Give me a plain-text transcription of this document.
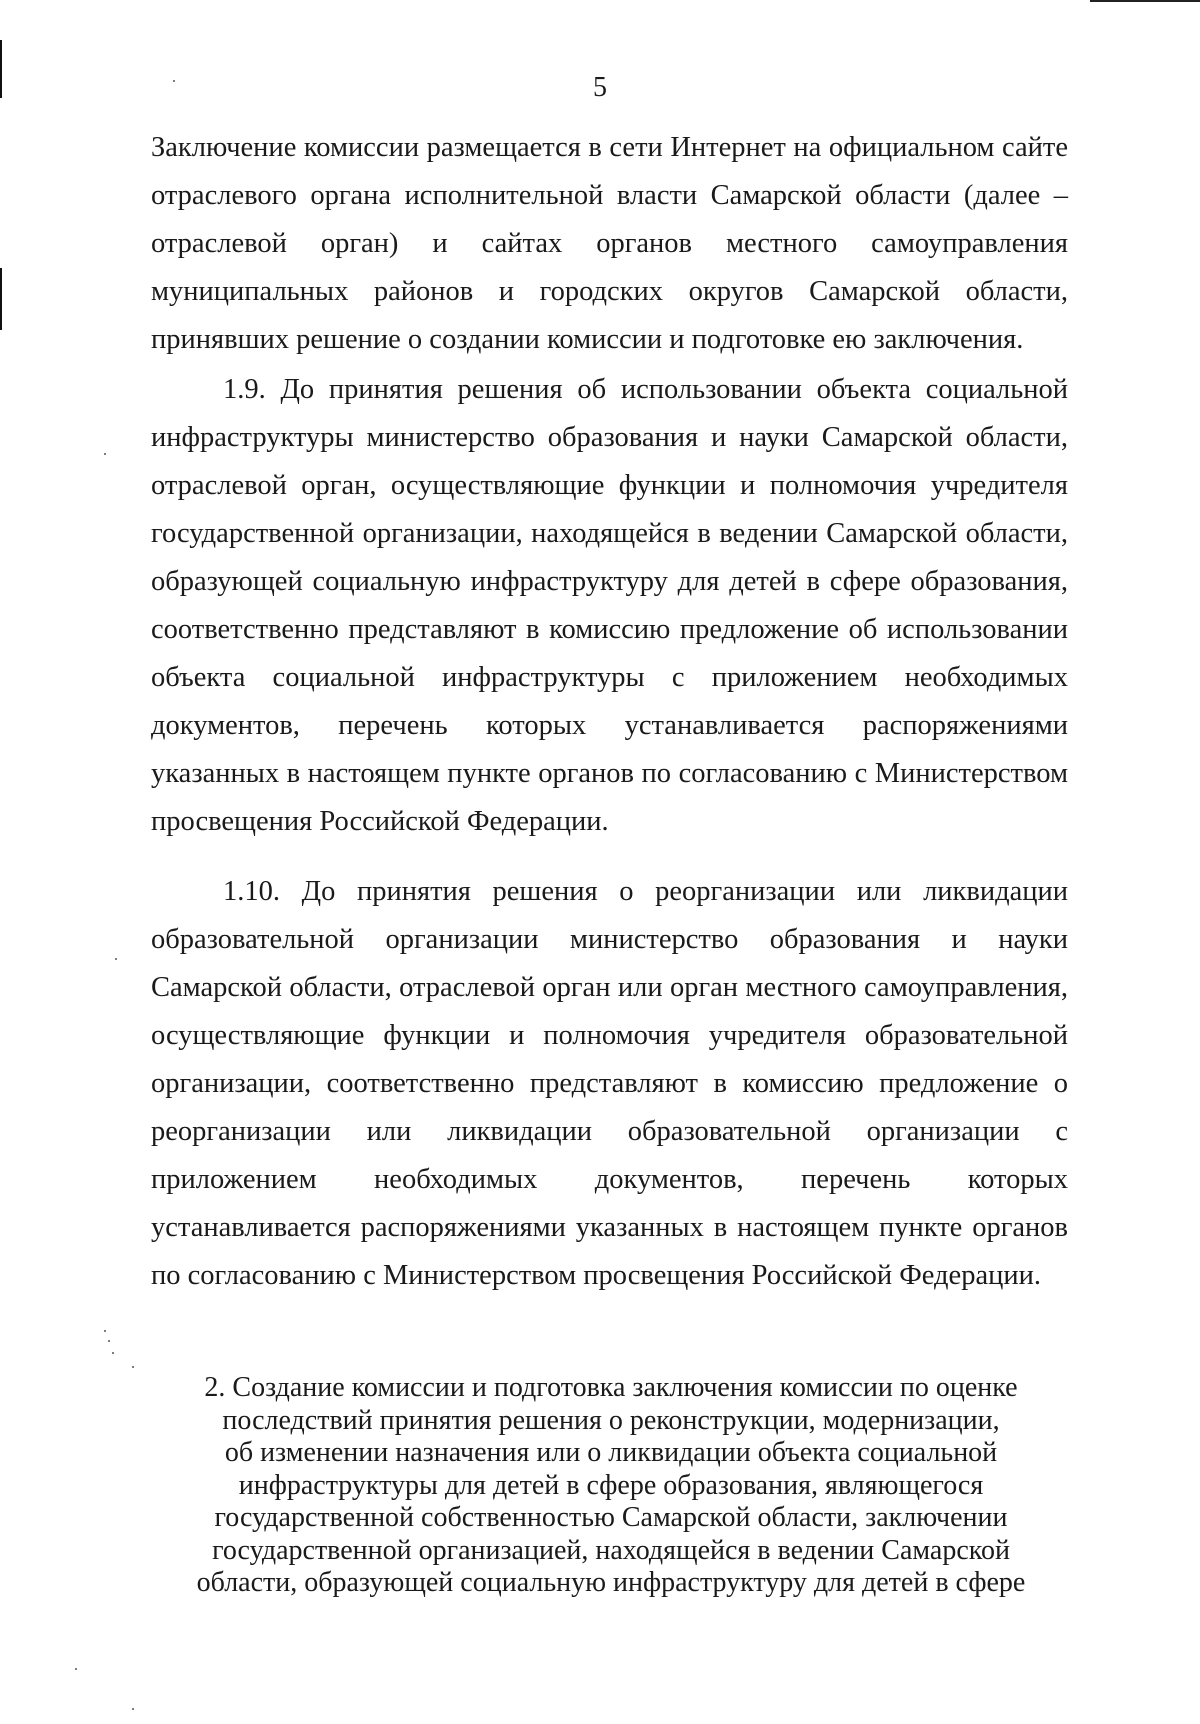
5

Заключение комиссии размещается в сети Интернет на официальном сайте отраслевого органа исполнительной власти Самарской области (далее – отраслевой орган) и сайтах органов местного самоуправления муниципальных районов и городских округов Самарской области, принявших решение о создании комиссии и подготовке ею заключения.

1.9. До принятия решения об использовании объекта социальной инфраструктуры министерство образования и науки Самарской области, отраслевой орган, осуществляющие функции и полномочия учредителя государственной организации, находящейся в ведении Самарской области, образующей социальную инфраструктуру для детей в сфере образования, соответственно представляют в комиссию предложение об использовании объекта социальной инфраструктуры с приложением необходимых документов, перечень которых устанавливается распоряжениями указанных в настоящем пункте органов по согласованию с Министерством просвещения Российской Федерации.

1.10. До принятия решения о реорганизации или ликвидации образовательной организации министерство образования и науки Самарской области, отраслевой орган или орган местного самоуправления, осуществляющие функции и полномочия учредителя образовательной организации, соответственно представляют в комиссию предложение о реорганизации или ликвидации образовательной организации с приложением необходимых документов, перечень которых устанавливается распоряжениями указанных в настоящем пункте органов по согласованию с Министерством просвещения Российской Федерации.

2. Создание комиссии и подготовка заключения комиссии по оценке
последствий принятия решения о реконструкции, модернизации,
об изменении назначения или о ликвидации объекта социальной
инфраструктуры для детей в сфере образования, являющегося
государственной собственностью Самарской области, заключении
государственной организацией, находящейся в ведении Самарской
области, образующей социальную инфраструктуру для детей в сфере
